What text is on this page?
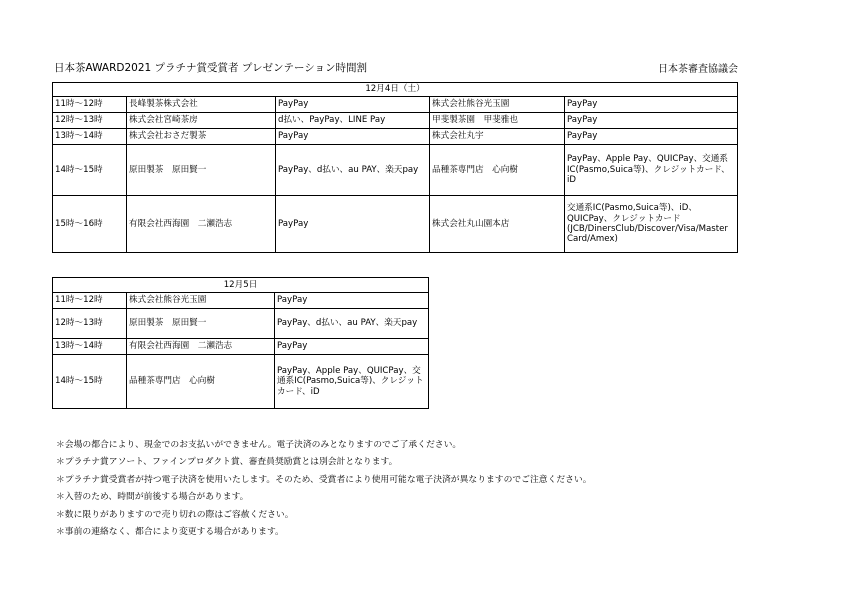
日本茶AWARD2021 プラチナ賞受賞者 プレゼンテーション時間割	日本茶審査協議会
12月4日（土）				
11時～12時	長峰製茶株式会社	PayPay	株式会社熊谷光玉園	PayPay
12時～13時	株式会社宮崎茶房	d払い、PayPay、LINE Pay	甲斐製茶園　甲斐雅也	PayPay
13時～14時	株式会社おさだ製茶	PayPay	株式会社丸宇	PayPay
14時～15時	原田製茶　原田賢一	PayPay、d払い、au PAY、楽天pay	品種茶専門店　心向樹	PayPay、Apple Pay、QUICPay、交通系IC(Pasmo,Suica等)、クレジットカード、iD
15時～16時	有限会社西海園　二瀬浩志	PayPay	株式会社丸山園本店	交通系IC(Pasmo,Suica等)、iD、QUICPay、クレジットカード(JCB/DinersClub/Discover/Visa/Master Card/Amex)
12月5日		
11時～12時	株式会社熊谷光玉園	PayPay
12時～13時	原田製茶　原田賢一	PayPay、d払い、au PAY、楽天pay
13時～14時	有限会社西海園　二瀬浩志	PayPay
14時～15時	品種茶専門店　心向樹	PayPay、Apple Pay、QUICPay、交通系IC(Pasmo,Suica等)、クレジットカード、iD
＊会場の都合により、現金でのお支払いができません。電子決済のみとなりますのでご了承ください。
＊プラチナ賞アソート、ファインプロダクト賞、審査員奨励賞とは別会計となります。
＊プラチナ賞受賞者が持つ電子決済を使用いたします。そのため、受賞者により使用可能な電子決済が異なりますのでご注意ください。
＊入替のため、時間が前後する場合があります。
＊数に限りがありますので売り切れの際はご容赦ください。
＊事前の連絡なく、都合により変更する場合があります。
